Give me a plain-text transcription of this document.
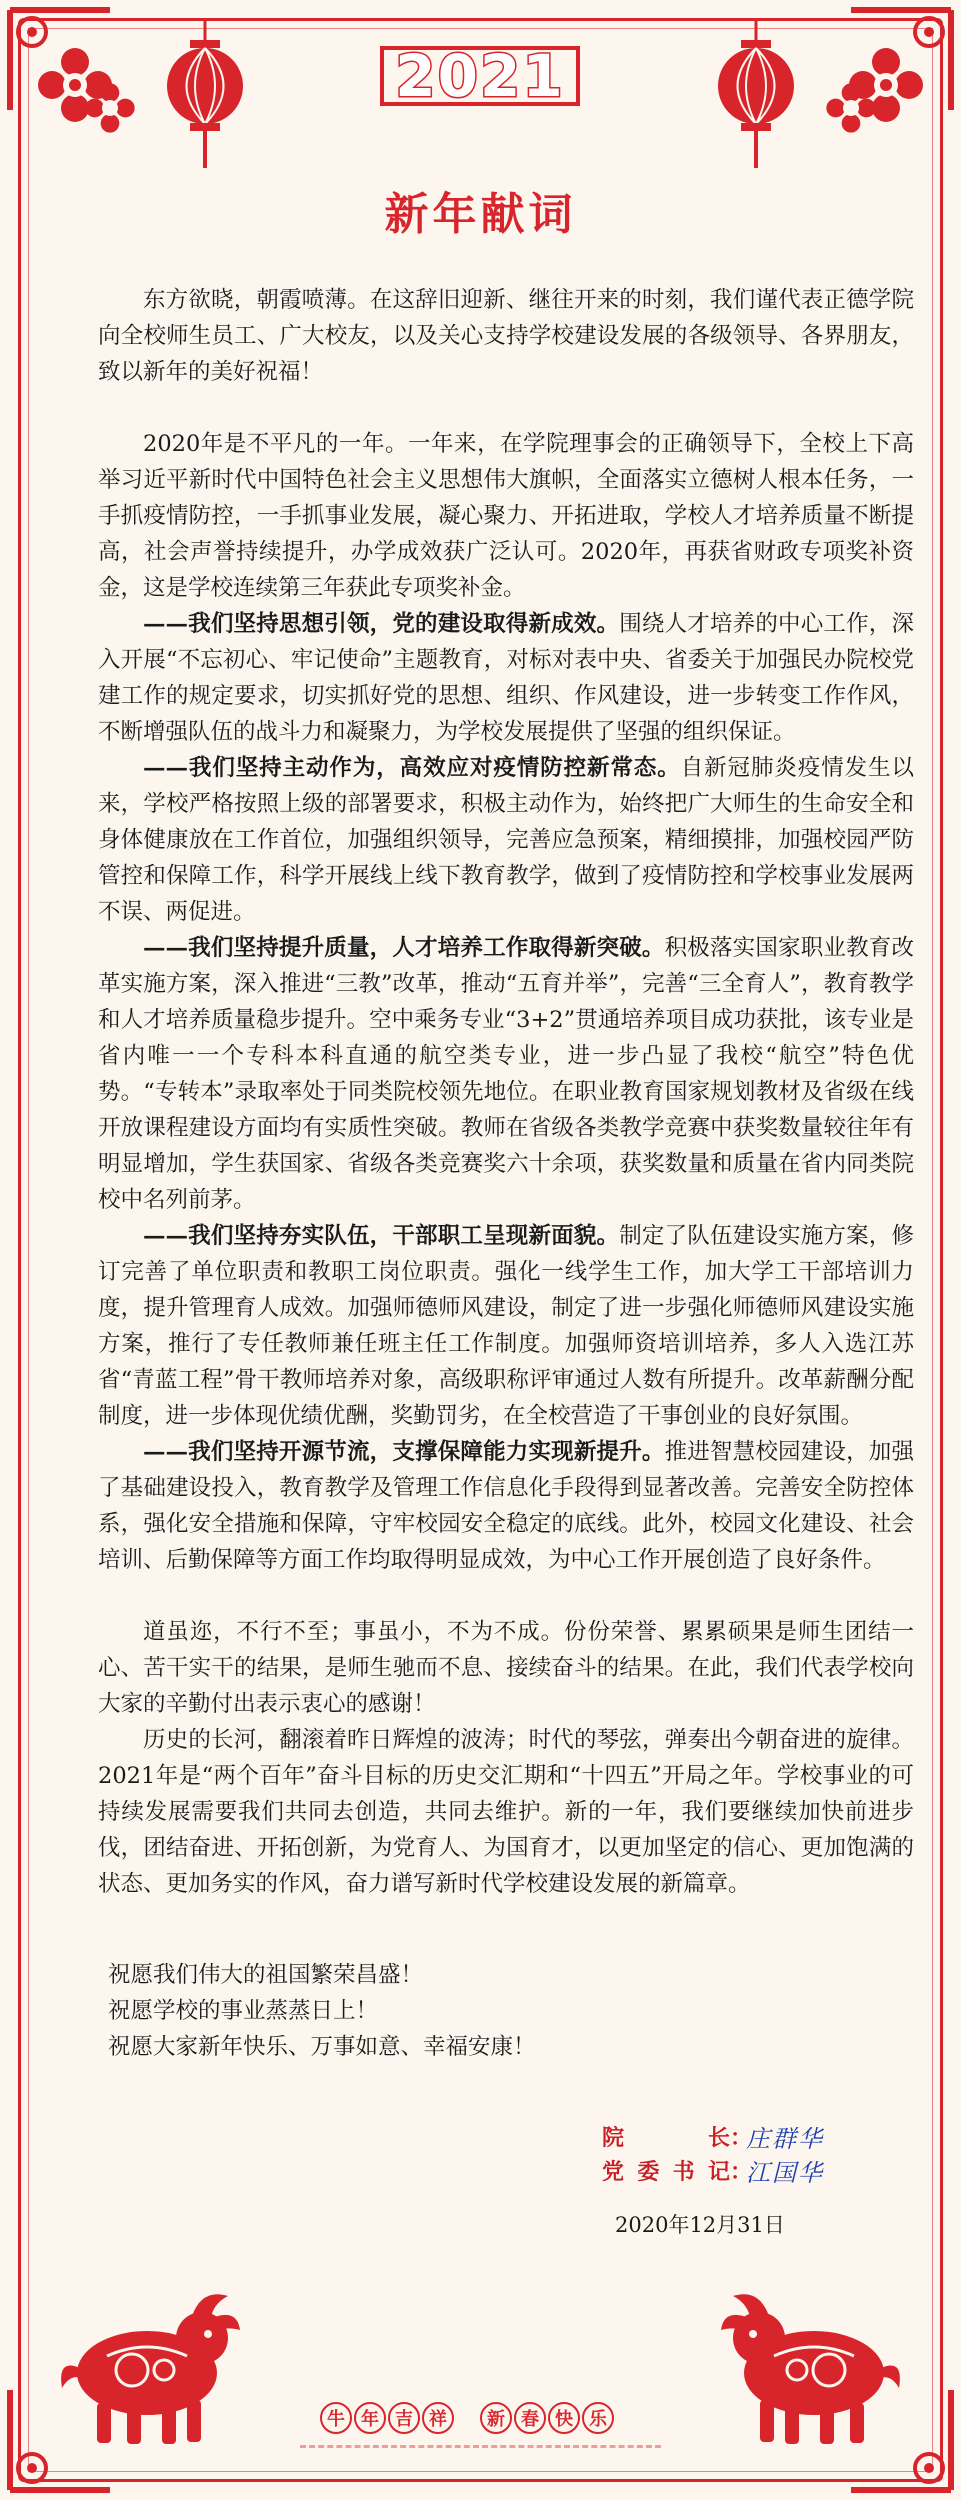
2021
新年献词

东方欲晓，朝霞喷薄。在这辞旧迎新、继往开来的时刻，我们谨代表正德学院向全校师生员工、广大校友，以及关心支持学校建设发展的各级领导、各界朋友，致以新年的美好祝福！

2020年是不平凡的一年。一年来，在学院理事会的正确领导下，全校上下高举习近平新时代中国特色社会主义思想伟大旗帜，全面落实立德树人根本任务，一手抓疫情防控，一手抓事业发展，凝心聚力、开拓进取，学校人才培养质量不断提高，社会声誉持续提升，办学成效获广泛认可。2020年，再获省财政专项奖补资金，这是学校连续第三年获此专项奖补金。

——我们坚持思想引领，党的建设取得新成效。围绕人才培养的中心工作，深入开展“不忘初心、牢记使命”主题教育，对标对表中央、省委关于加强民办院校党建工作的规定要求，切实抓好党的思想、组织、作风建设，进一步转变工作作风，不断增强队伍的战斗力和凝聚力，为学校发展提供了坚强的组织保证。

——我们坚持主动作为，高效应对疫情防控新常态。自新冠肺炎疫情发生以来，学校严格按照上级的部署要求，积极主动作为，始终把广大师生的生命安全和身体健康放在工作首位，加强组织领导，完善应急预案，精细摸排，加强校园严防管控和保障工作，科学开展线上线下教育教学，做到了疫情防控和学校事业发展两不误、两促进。

——我们坚持提升质量，人才培养工作取得新突破。积极落实国家职业教育改革实施方案，深入推进“三教”改革，推动“五育并举”，完善“三全育人”，教育教学和人才培养质量稳步提升。空中乘务专业“3+2”贯通培养项目成功获批，该专业是省内唯一一个专科本科直通的航空类专业，进一步凸显了我校“航空”特色优势。“专转本”录取率处于同类院校领先地位。在职业教育国家规划教材及省级在线开放课程建设方面均有实质性突破。教师在省级各类教学竞赛中获奖数量较往年有明显增加，学生获国家、省级各类竞赛奖六十余项，获奖数量和质量在省内同类院校中名列前茅。

——我们坚持夯实队伍，干部职工呈现新面貌。制定了队伍建设实施方案，修订完善了单位职责和教职工岗位职责。强化一线学生工作，加大学工干部培训力度，提升管理育人成效。加强师德师风建设，制定了进一步强化师德师风建设实施方案，推行了专任教师兼任班主任工作制度。加强师资培训培养，多人入选江苏省“青蓝工程”骨干教师培养对象，高级职称评审通过人数有所提升。改革薪酬分配制度，进一步体现优绩优酬，奖勤罚劣，在全校营造了干事创业的良好氛围。

——我们坚持开源节流，支撑保障能力实现新提升。推进智慧校园建设，加强了基础建设投入，教育教学及管理工作信息化手段得到显著改善。完善安全防控体系，强化安全措施和保障，守牢校园安全稳定的底线。此外，校园文化建设、社会培训、后勤保障等方面工作均取得明显成效，为中心工作开展创造了良好条件。

道虽迩，不行不至；事虽小，不为不成。份份荣誉、累累硕果是师生团结一心、苦干实干的结果，是师生驰而不息、接续奋斗的结果。在此，我们代表学校向大家的辛勤付出表示衷心的感谢！

历史的长河，翻滚着昨日辉煌的波涛；时代的琴弦，弹奏出今朝奋进的旋律。2021年是“两个百年”奋斗目标的历史交汇期和“十四五”开局之年。学校事业的可持续发展需要我们共同去创造，共同去维护。新的一年，我们要继续加快前进步伐，团结奋进、开拓创新，为党育人、为国育才，以更加坚定的信心、更加饱满的状态、更加务实的作风，奋力谱写新时代学校建设发展的新篇章。

祝愿我们伟大的祖国繁荣昌盛！

祝愿学校的事业蒸蒸日上！

祝愿大家新年快乐、万事如意、幸福安康！

院长 ：
庄群华
党委书记 ：
江国华
2020年12月31日
牛 年 吉 祥	新 春 快 乐
